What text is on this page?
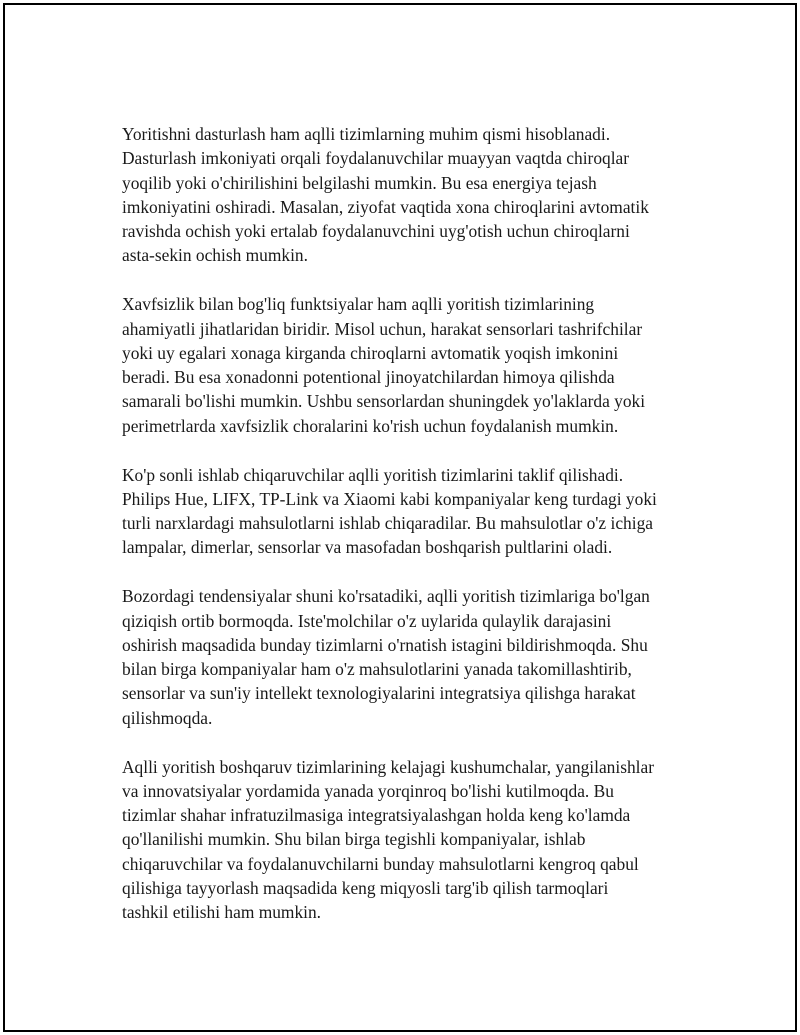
Yoritishni dasturlash ham aqlli tizimlarning muhim qismi hisoblanadi.
Dasturlash imkoniyati orqali foydalanuvchilar muayyan vaqtda chiroqlar
yoqilib yoki o'chirilishini belgilashi mumkin. Bu esa energiya tejash
imkoniyatini oshiradi. Masalan, ziyofat vaqtida xona chiroqlarini avtomatik
ravishda ochish yoki ertalab foydalanuvchini uyg'otish uchun chiroqlarni
asta-sekin ochish mumkin.

Xavfsizlik bilan bog'liq funktsiyalar ham aqlli yoritish tizimlarining
ahamiyatli jihatlaridan biridir. Misol uchun, harakat sensorlari tashrifchilar
yoki uy egalari xonaga kirganda chiroqlarni avtomatik yoqish imkonini
beradi. Bu esa xonadonni potentional jinoyatchilardan himoya qilishda
samarali bo'lishi mumkin. Ushbu sensorlardan shuningdek yo'laklarda yoki
perimetrlarda xavfsizlik choralarini ko'rish uchun foydalanish mumkin.

Ko'p sonli ishlab chiqaruvchilar aqlli yoritish tizimlarini taklif qilishadi.
Philips Hue, LIFX, TP-Link va Xiaomi kabi kompaniyalar keng turdagi yoki
turli narxlardagi mahsulotlarni ishlab chiqaradilar. Bu mahsulotlar o'z ichiga
lampalar, dimerlar, sensorlar va masofadan boshqarish pultlarini oladi.

Bozordagi tendensiyalar shuni ko'rsatadiki, aqlli yoritish tizimlariga bo'lgan
qiziqish ortib bormoqda. Iste'molchilar o'z uylarida qulaylik darajasini
oshirish maqsadida bunday tizimlarni o'rnatish istagini bildirishmoqda. Shu
bilan birga kompaniyalar ham o'z mahsulotlarini yanada takomillashtirib,
sensorlar va sun'iy intellekt texnologiyalarini integratsiya qilishga harakat
qilishmoqda.

Aqlli yoritish boshqaruv tizimlarining kelajagi kushumchalar, yangilanishlar
va innovatsiyalar yordamida yanada yorqinroq bo'lishi kutilmoqda. Bu
tizimlar shahar infratuzilmasiga integratsiyalashgan holda keng ko'lamda
qo'llanilishi mumkin. Shu bilan birga tegishli kompaniyalar, ishlab
chiqaruvchilar va foydalanuvchilarni bunday mahsulotlarni kengroq qabul
qilishiga tayyorlash maqsadida keng miqyosli targ'ib qilish tarmoqlari
tashkil etilishi ham mumkin.
